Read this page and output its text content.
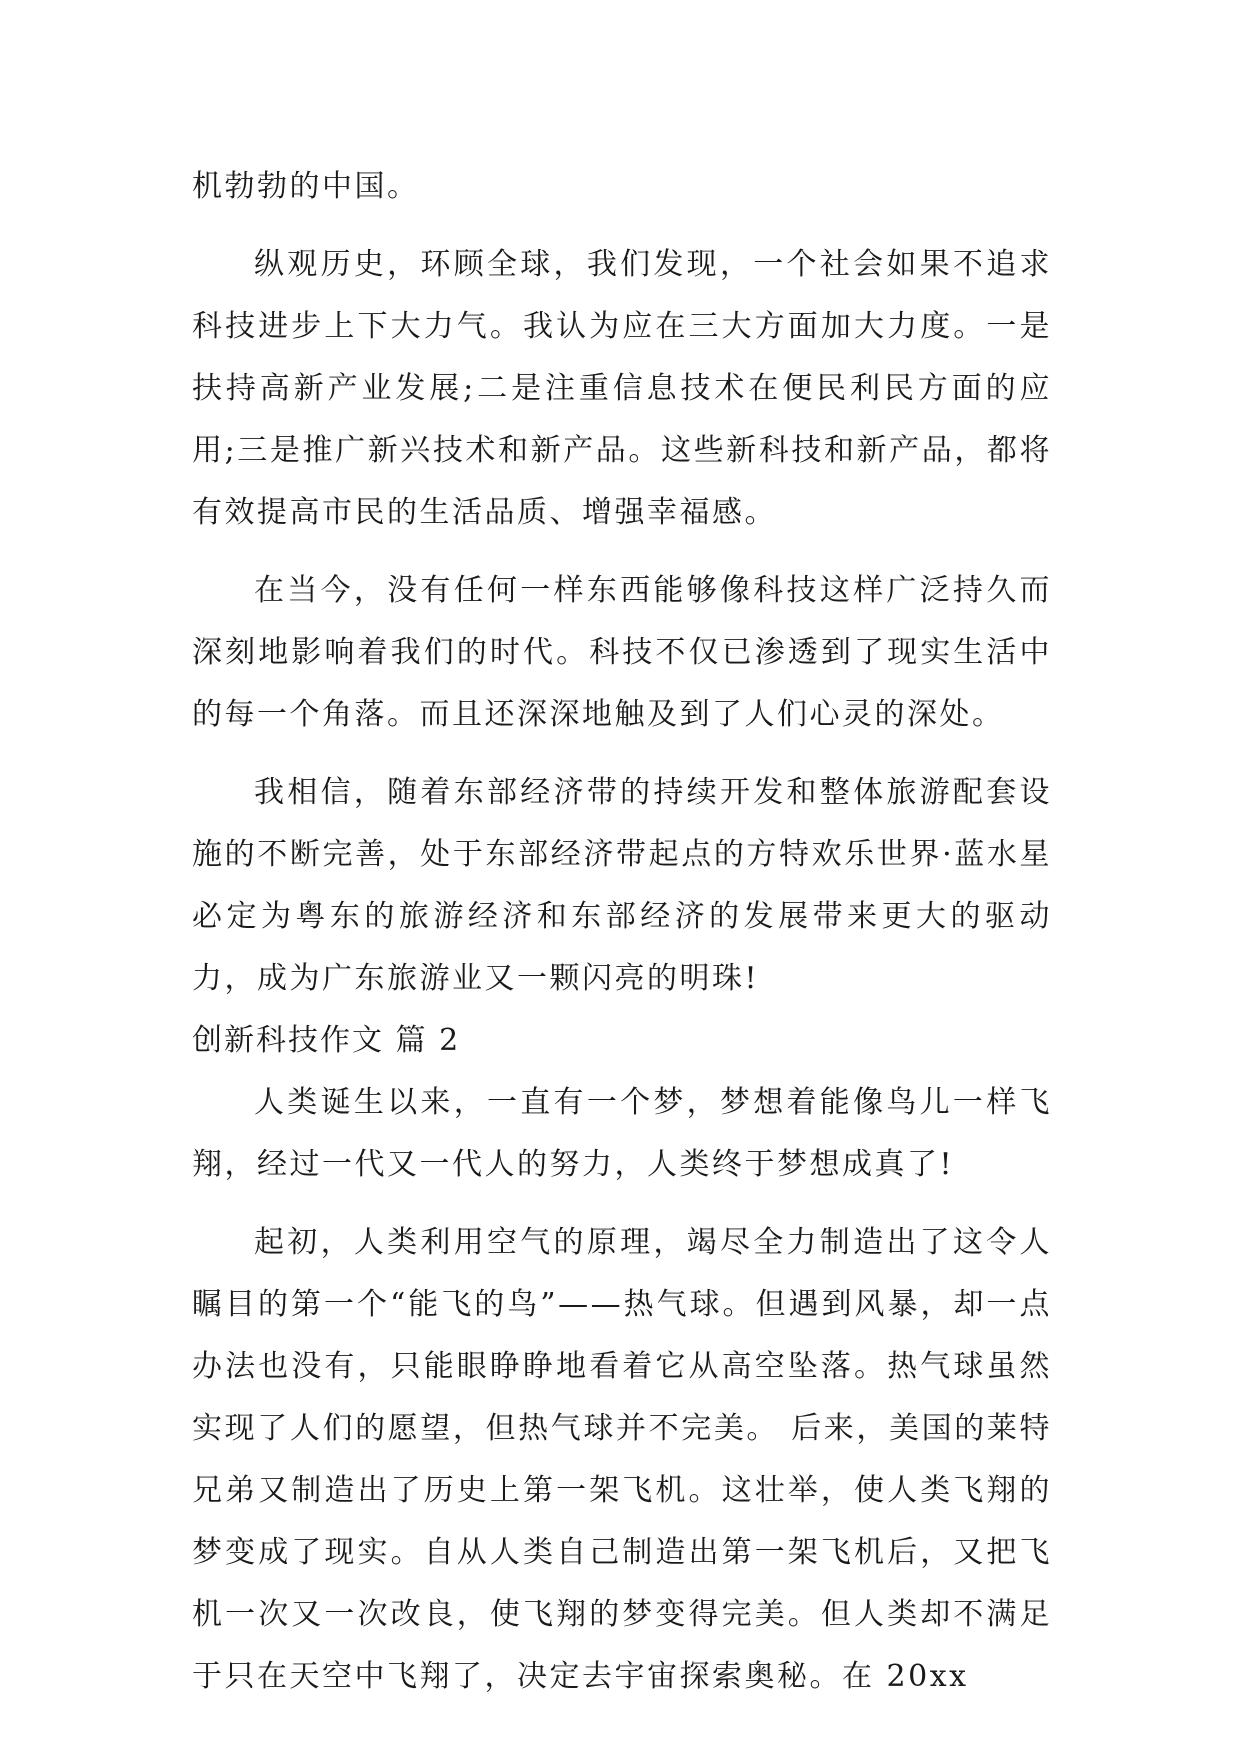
机勃勃的中国。

纵观历史，环顾全球，我们发现，一个社会如果不追求科技进步上下大力气。我认为应在三大方面加大力度。一是扶持高新产业发展;二是注重信息技术在便民利民方面的应用;三是推广新兴技术和新产品。这些新科技和新产品，都将有效提高市民的生活品质、增强幸福感。

在当今，没有任何一样东西能够像科技这样广泛持久而深刻地影响着我们的时代。科技不仅已渗透到了现实生活中的每一个角落。而且还深深地触及到了人们心灵的深处。

我相信，随着东部经济带的持续开发和整体旅游配套设施的不断完善，处于东部经济带起点的方特欢乐世界·蓝水星必定为粤东的旅游经济和东部经济的发展带来更大的驱动力，成为广东旅游业又一颗闪亮的明珠!

创新科技作文 篇 2

人类诞生以来，一直有一个梦，梦想着能像鸟儿一样飞翔，经过一代又一代人的努力，人类终于梦想成真了!

起初，人类利用空气的原理，竭尽全力制造出了这令人瞩目的第一个“能飞的鸟”——热气球。但遇到风暴，却一点办法也没有，只能眼睁睁地看着它从高空坠落。热气球虽然实现了人们的愿望，但热气球并不完美。 后来，美国的莱特兄弟又制造出了历史上第一架飞机。这壮举，使人类飞翔的梦变成了现实。自从人类自己制造出第一架飞机后，又把飞机一次又一次改良，使飞翔的梦变得完美。但人类却不满足于只在天空中飞翔了，决定去宇宙探索奥秘。在 20xx
